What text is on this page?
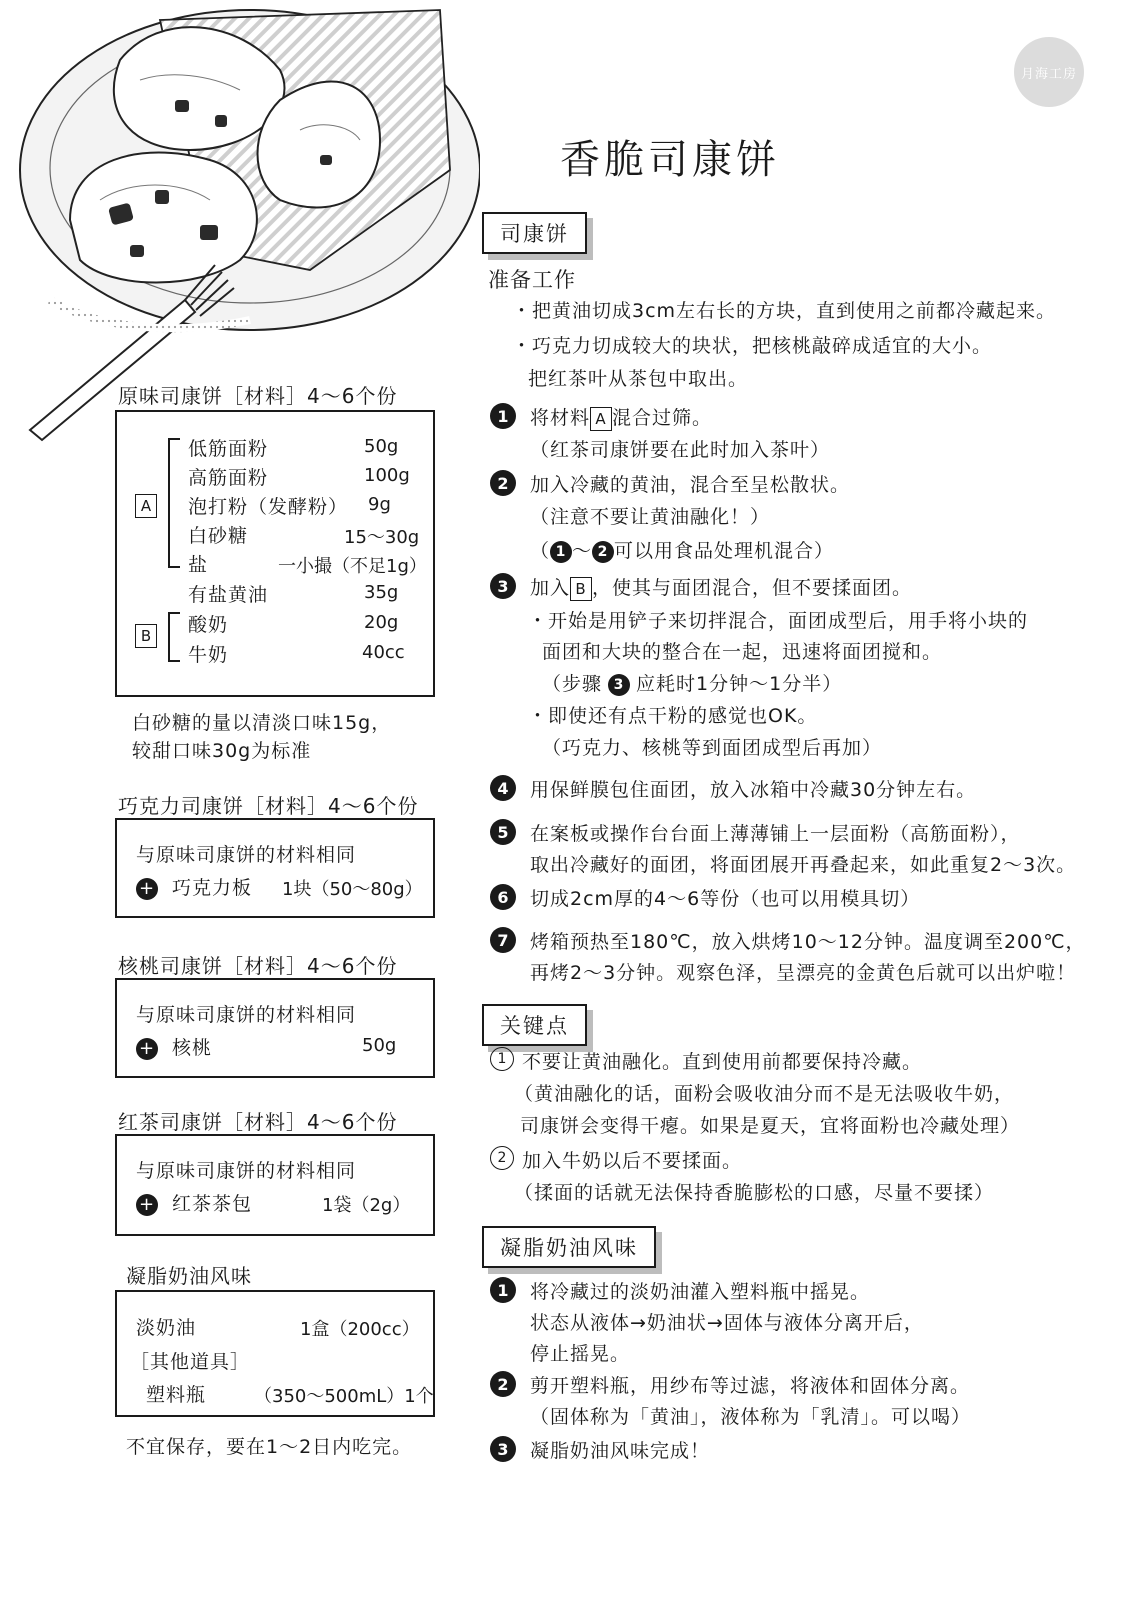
月海工房
香脆司康饼
原味司康饼［材料］4～6个份
A
B
低筋面粉	50g
高筋面粉	100g
泡打粉（发酵粉） 9g
白砂糖	15～30g
盐	一小撮（不足1g）
有盐黄油	35g
酸奶	20g
牛奶	40cc
白砂糖的量以清淡口味15g，
较甜口味30g为标准
巧克力司康饼［材料］4～6个份
与原味司康饼的材料相同
+ 巧克力板 1块（50～80g）
核桃司康饼［材料］4～6个份
与原味司康饼的材料相同
+ 核桃	50g
红茶司康饼［材料］4～6个份
与原味司康饼的材料相同
+ 红茶茶包	1袋（2g）
凝脂奶油风味
淡奶油	1盒（200cc）
［其他道具］
塑料瓶	（350～500mL）1个
不宜保存，要在1～2日内吃完。
司康饼
准备工作
・把黄油切成3cm左右长的方块，直到使用之前都冷藏起来。
・巧克力切成较大的块状，把核桃敲碎成适宜的大小。
把红茶叶从茶包中取出。
1	将材料 A 混合过筛。
（红茶司康饼要在此时加入茶叶）
2	加入冷藏的黄油，混合至呈松散状。
（注意不要让黄油融化！）
（ 1 ～ 2 可以用食品处理机混合）
3	加入 B ，使其与面团混合，但不要揉面团。
・开始是用铲子来切拌混合，面团成型后，用手将小块的
面团和大块的整合在一起，迅速将面团搅和。
（步骤 3 应耗时1分钟～1分半）
・即使还有点干粉的感觉也OK。
（巧克力、核桃等到面团成型后再加）
4	用保鲜膜包住面团，放入冰箱中冷藏30分钟左右。
5	在案板或操作台台面上薄薄铺上一层面粉（高筋面粉），
取出冷藏好的面团，将面团展开再叠起来，如此重复2～3次。
6	切成2cm厚的4～6等份（也可以用模具切）
7	烤箱预热至180℃，放入烘烤10～12分钟。温度调至200℃，
再烤2～3分钟。观察色泽，呈漂亮的金黄色后就可以出炉啦！
关键点
1 不要让黄油融化。直到使用前都要保持冷藏。
（黄油融化的话，面粉会吸收油分而不是无法吸收牛奶，
司康饼会变得干瘪。如果是夏天，宜将面粉也冷藏处理）
2 加入牛奶以后不要揉面。
（揉面的话就无法保持香脆膨松的口感，尽量不要揉）
凝脂奶油风味
1	将冷藏过的淡奶油灌入塑料瓶中摇晃。
状态从液体→奶油状→固体与液体分离开后，
停止摇晃。
2	剪开塑料瓶，用纱布等过滤，将液体和固体分离。
（固体称为「黄油」，液体称为「乳清」。可以喝）
3	凝脂奶油风味完成！
